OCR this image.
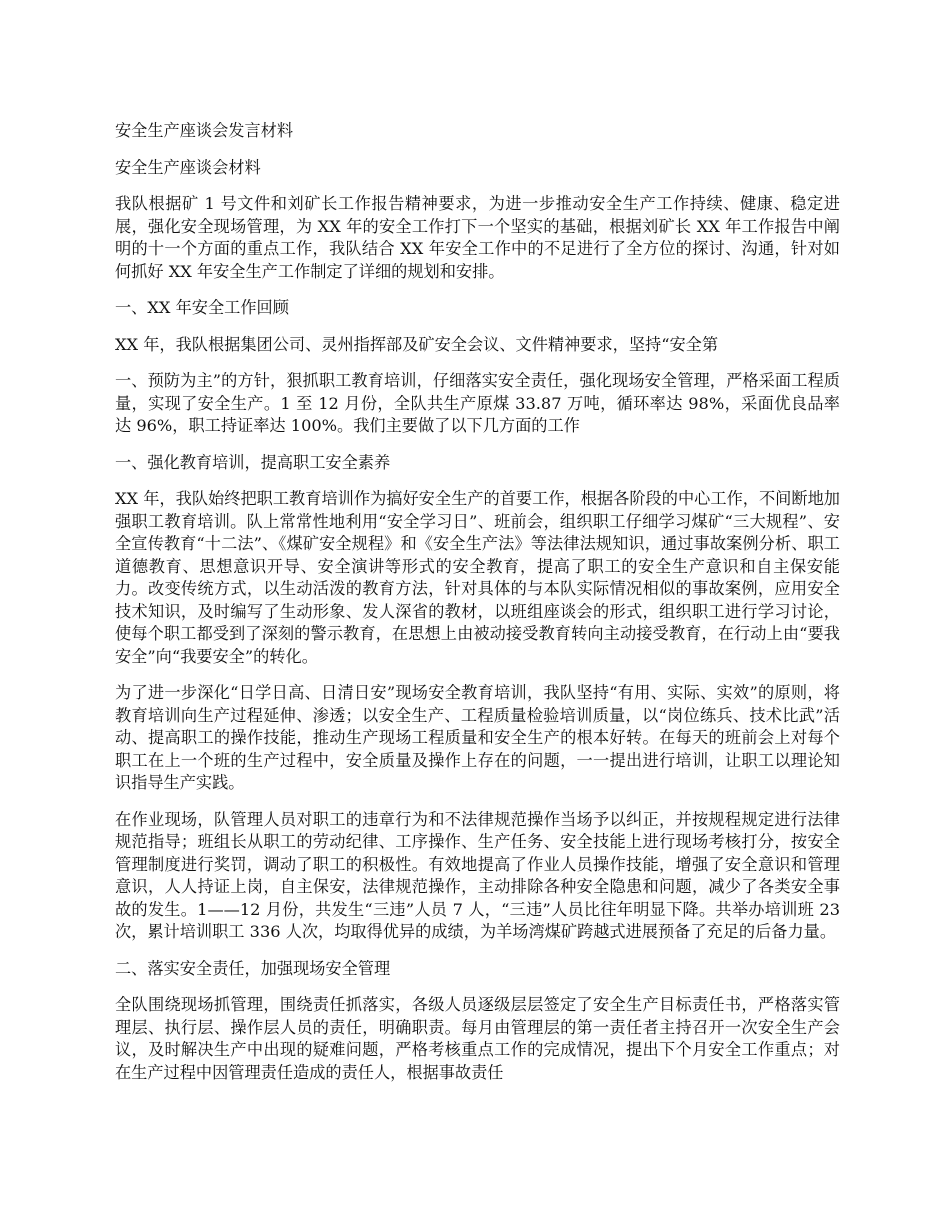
安全生产座谈会发言材料

安全生产座谈会材料

我队根据矿 1 号文件和刘矿长工作报告精神要求，为进一步推动安全生产工作持续、健康、稳定进展，强化安全现场管理，为 XX 年的安全工作打下一个坚实的基础，根据刘矿长 XX 年工作报告中阐明的十一个方面的重点工作，我队结合 XX 年安全工作中的不足进行了全方位的探讨、沟通，针对如何抓好 XX 年安全生产工作制定了详细的规划和安排。

一、XX 年安全工作回顾

XX 年，我队根据集团公司、灵州指挥部及矿安全会议、文件精神要求，坚持“安全第

一、预防为主”的方针，狠抓职工教育培训，仔细落实安全责任，强化现场安全管理，严格采面工程质量，实现了安全生产。1 至 12 月份，全队共生产原煤 33.87 万吨，循环率达 98%，采面优良品率达 96%，职工持证率达 100%。我们主要做了以下几方面的工作

一、强化教育培训，提高职工安全素养

XX 年，我队始终把职工教育培训作为搞好安全生产的首要工作，根据各阶段的中心工作，不间断地加强职工教育培训。队上常常性地利用“安全学习日”、班前会，组织职工仔细学习煤矿“三大规程”、安全宣传教育“十二法”、《煤矿安全规程》和《安全生产法》等法律法规知识，通过事故案例分析、职工道德教育、思想意识开导、安全演讲等形式的安全教育，提高了职工的安全生产意识和自主保安能力。改变传统方式，以生动活泼的教育方法，针对具体的与本队实际情况相似的事故案例，应用安全技术知识，及时编写了生动形象、发人深省的教材，以班组座谈会的形式，组织职工进行学习讨论，使每个职工都受到了深刻的警示教育，在思想上由被动接受教育转向主动接受教育，在行动上由“要我安全”向“我要安全”的转化。

为了进一步深化“日学日高、日清日安”现场安全教育培训，我队坚持“有用、实际、实效”的原则，将教育培训向生产过程延伸、渗透；以安全生产、工程质量检验培训质量，以“岗位练兵、技术比武”活动、提高职工的操作技能，推动生产现场工程质量和安全生产的根本好转。在每天的班前会上对每个职工在上一个班的生产过程中，安全质量及操作上存在的问题，一一提出进行培训，让职工以理论知识指导生产实践。

在作业现场，队管理人员对职工的违章行为和不法律规范操作当场予以纠正，并按规程规定进行法律规范指导；班组长从职工的劳动纪律、工序操作、生产任务、安全技能上进行现场考核打分，按安全管理制度进行奖罚，调动了职工的积极性。有效地提高了作业人员操作技能，增强了安全意识和管理意识，人人持证上岗，自主保安，法律规范操作，主动排除各种安全隐患和问题，减少了各类安全事故的发生。1——12 月份，共发生“三违”人员 7 人，“三违”人员比往年明显下降。共举办培训班 23 次，累计培训职工 336 人次，均取得优异的成绩，为羊场湾煤矿跨越式进展预备了充足的后备力量。

二、落实安全责任，加强现场安全管理

全队围绕现场抓管理，围绕责任抓落实，各级人员逐级层层签定了安全生产目标责任书，严格落实管理层、执行层、操作层人员的责任，明确职责。每月由管理层的第一责任者主持召开一次安全生产会议，及时解决生产中出现的疑难问题，严格考核重点工作的完成情况，提出下个月安全工作重点；对在生产过程中因管理责任造成的责任人，根据事故责任
